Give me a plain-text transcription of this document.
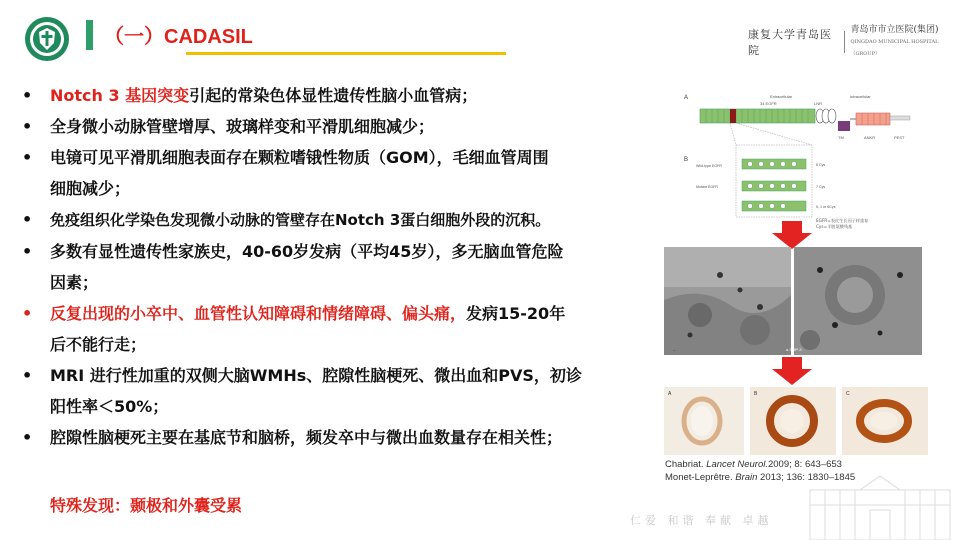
（一）CADASIL	康复大学青岛医院
青岛市市立医院(集团)
QINGDAO MUNICIPAL HOSPITAL（GROUP）
• Notch 3 基因突变引起的常染色体显性遗传性脑小血管病；
• 全身微小动脉管壁增厚、玻璃样变和平滑肌细胞减少；
• 电镜可见平滑肌细胞表面存在颗粒嗜锇性物质（GOM），毛细血管周围
细胞减少；
• 免疫组织化学染色发现微小动脉的管壁存在Notch 3蛋白细胞外段的沉积。
• 多数有显性遗传性家族史，40-60岁发病（平均45岁），多无脑血管危险
因素；
• 反复出现的小卒中、血管性认知障碍和情绪障碍、偏头痛，发病15-20年
后不能行走；
• MRI 进行性加重的双侧大脑WMHs、腔隙性脑梗死、微出血和PVS，初诊
阳性率＜50%；
• 腔隙性脑梗死主要在基底节和脑桥，频发卒中与微出血数量存在相关性；
特殊发现：颞极和外囊受累
A	Extracellular	Intracellular
34 EGFR	LNR
TM	ANKR	PEST
B
Wild-type EGFR
Mutant EGFR
6 Cys
7 Cys
5, 1 or 6Cys
EGFR=表皮生长因子样重复
Cys=半胱氨酸残基
→	α-TMP-3
A	B	C
Chabriat. Lancet Neurol.2009; 8: 643–653
Monet-Leprêtre. Brain 2013; 136: 1830–1845
仁爱 和谐 奉献 卓越
